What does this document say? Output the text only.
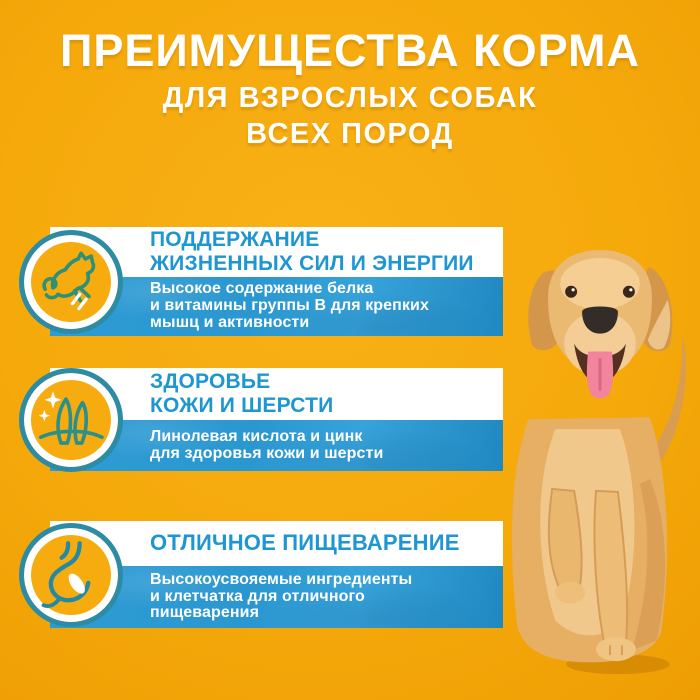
ПРЕИМУЩЕСТВА КОРМА
ДЛЯ ВЗРОСЛЫХ СОБАК
ВСЕХ ПОРОД
ПОДДЕРЖАНИЕ
ЖИЗНЕННЫХ СИЛ И ЭНЕРГИИ
Высокое содержание белка
и витамины группы В для крепких
мышц и активности
ЗДОРОВЬЕ
КОЖИ И ШЕРСТИ
Линолевая кислота и цинк
для здоровья кожи и шерсти
ОТЛИЧНОЕ ПИЩЕВАРЕНИЕ
Высокоусвояемые ингредиенты
и клетчатка для отличного
пищеварения
